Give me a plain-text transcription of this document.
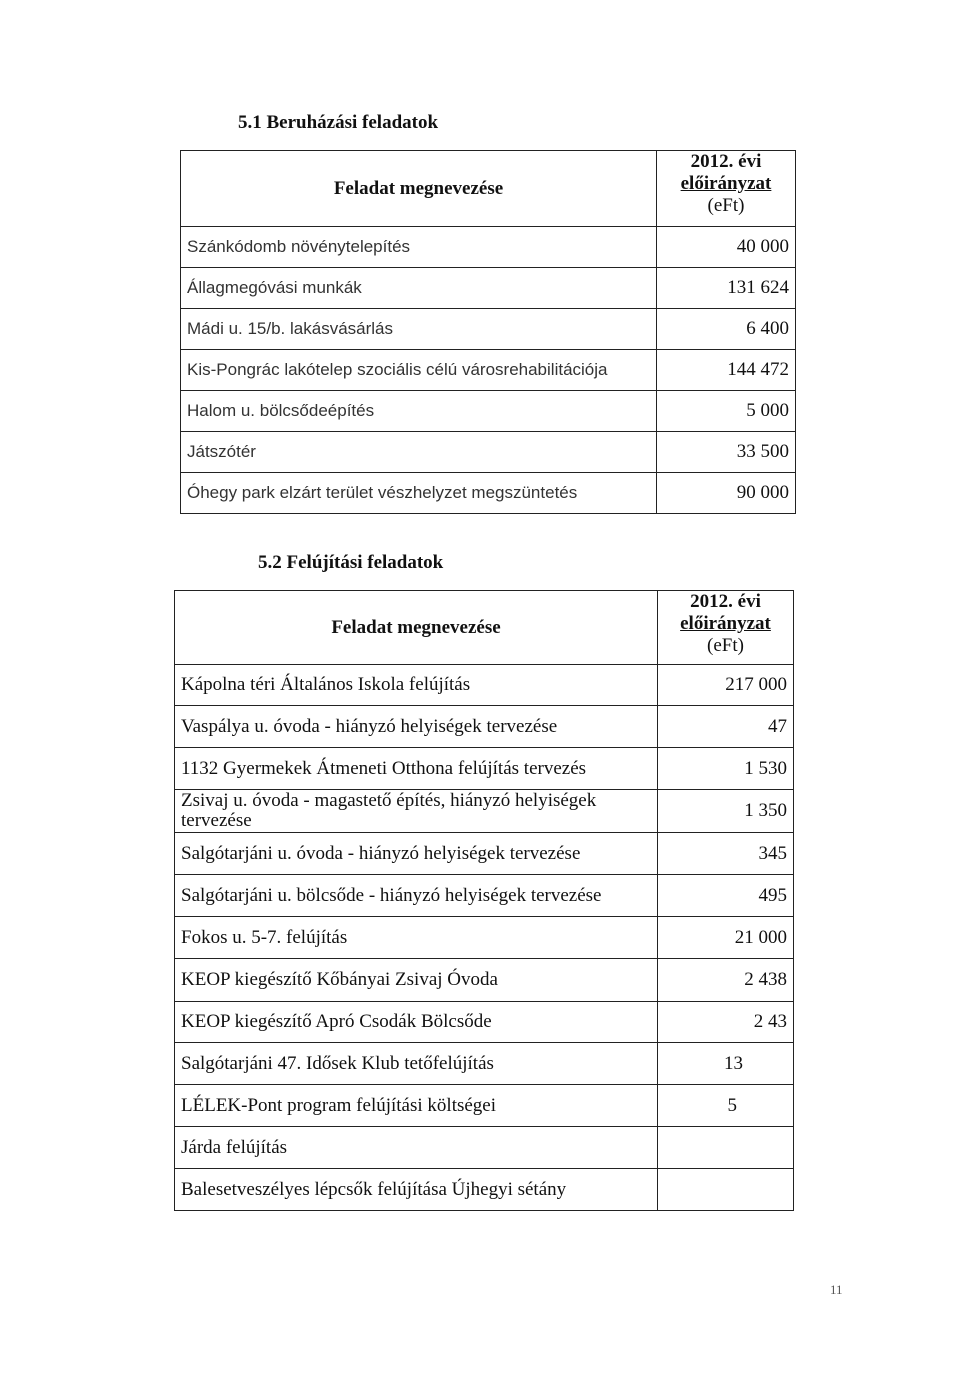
5.1 Beruházási feladatok
Feladat megnevezése	2012. évi
előirányzat
(eFt)

Szánkódomb növénytelepítés	40 000
Állagmegóvási munkák	131 624
Mádi u. 15/b. lakásvásárlás	6 400
Kis-Pongrác lakótelep szociális célú városrehabilitációja	144 472
Halom u. bölcsődeépítés	5 000
Játszótér	33 500
Óhegy park elzárt terület vészhelyzet megszüntetés	90 000
5.2 Felújítási feladatok
Feladat megnevezése	2012. évi
előirányzat
(eFt)

Kápolna téri Általános Iskola felújítás	217 000
Vaspálya u. óvoda - hiányzó helyiségek tervezése	47
1132 Gyermekek Átmeneti Otthona felújítás tervezés	1 530
Zsivaj u. óvoda - magastető építés, hiányzó helyiségek tervezése	1 350
Salgótarjáni u. óvoda - hiányzó helyiségek tervezése	345
Salgótarjáni u. bölcsőde - hiányzó helyiségek tervezése	495
Fokos u. 5-7. felújítás	21 000
KEOP kiegészítő Kőbányai Zsivaj Óvoda	2 438
KEOP kiegészítő Apró Csodák Bölcsőde	2 43
Salgótarjáni 47. Idősek Klub tetőfelújítás	13
LÉLEK-Pont program felújítási költségei	5
Járda felújítás	
Balesetveszélyes lépcsők felújítása Újhegyi sétány	
11
